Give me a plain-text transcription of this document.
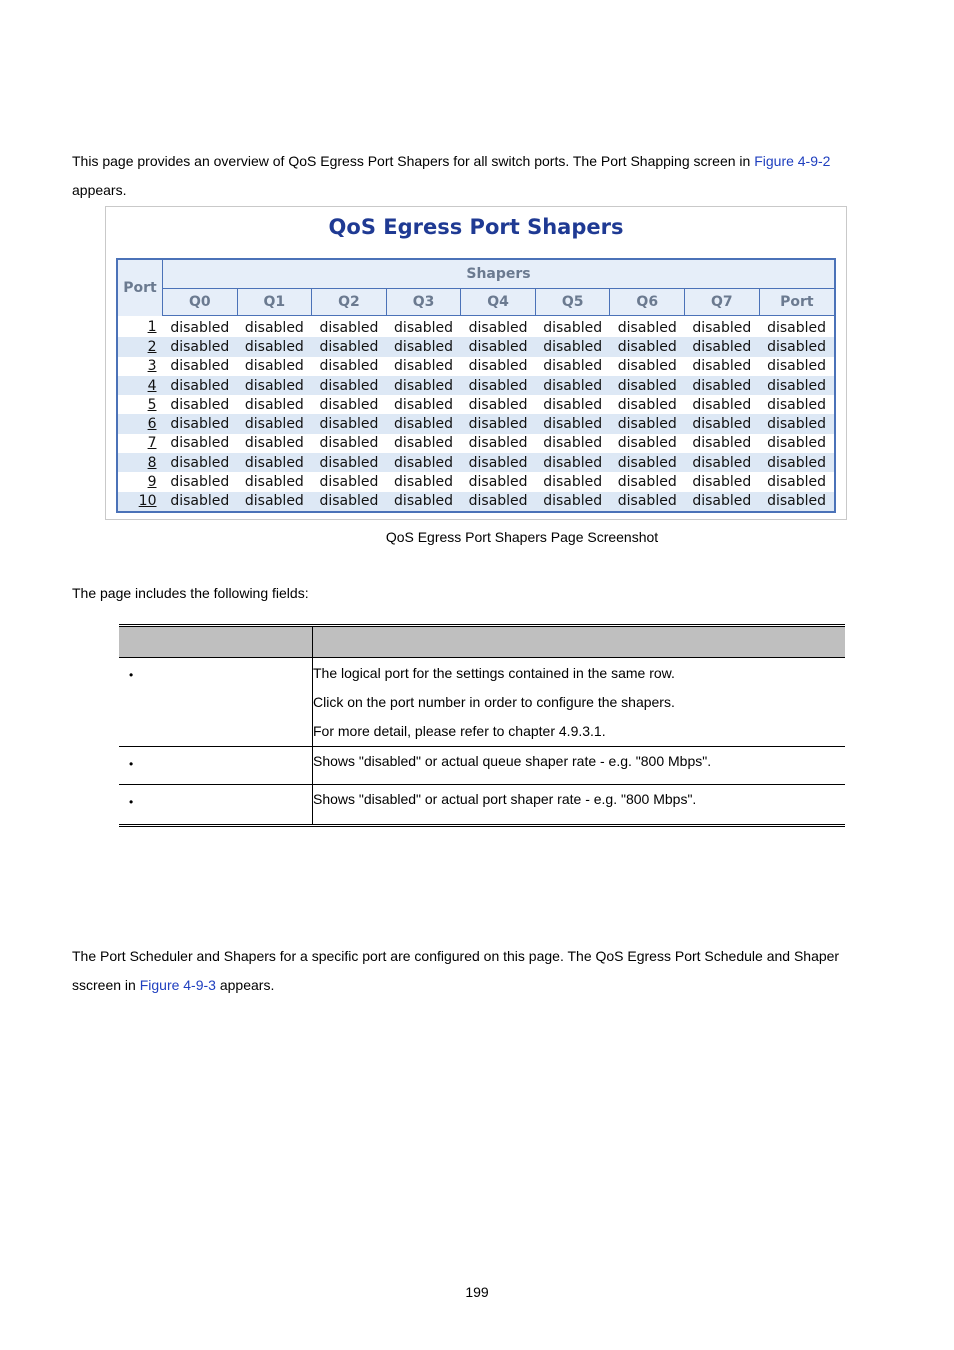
This page provides an overview of QoS Egress Port Shapers for all switch ports. The Port Shapping screen in Figure 4-9-2
appears.

QoS Egress Port Shapers
Port	Shapers								
	Q0	Q1	Q2	Q3	Q4	Q5	Q6	Q7	Port
1	disabled	disabled	disabled	disabled	disabled	disabled	disabled	disabled	disabled
2	disabled	disabled	disabled	disabled	disabled	disabled	disabled	disabled	disabled
3	disabled	disabled	disabled	disabled	disabled	disabled	disabled	disabled	disabled
4	disabled	disabled	disabled	disabled	disabled	disabled	disabled	disabled	disabled
5	disabled	disabled	disabled	disabled	disabled	disabled	disabled	disabled	disabled
6	disabled	disabled	disabled	disabled	disabled	disabled	disabled	disabled	disabled
7	disabled	disabled	disabled	disabled	disabled	disabled	disabled	disabled	disabled
8	disabled	disabled	disabled	disabled	disabled	disabled	disabled	disabled	disabled
9	disabled	disabled	disabled	disabled	disabled	disabled	disabled	disabled	disabled
10	disabled	disabled	disabled	disabled	disabled	disabled	disabled	disabled	disabled
QoS Egress Port Shapers Page Screenshot

The page includes the following fields:

•	The logical port for the settings contained in the same row.
Click on the port number in order to configure the shapers.
For more detail, please refer to chapter 4.9.3.1.

•	Shows "disabled" or actual queue shaper rate - e.g. "800 Mbps".

•	Shows "disabled" or actual port shaper rate - e.g. "800 Mbps".

The Port Scheduler and Shapers for a specific port are configured on this page. The QoS Egress Port Schedule and Shaper sscreen in Figure 4-9-3 appears.

199
